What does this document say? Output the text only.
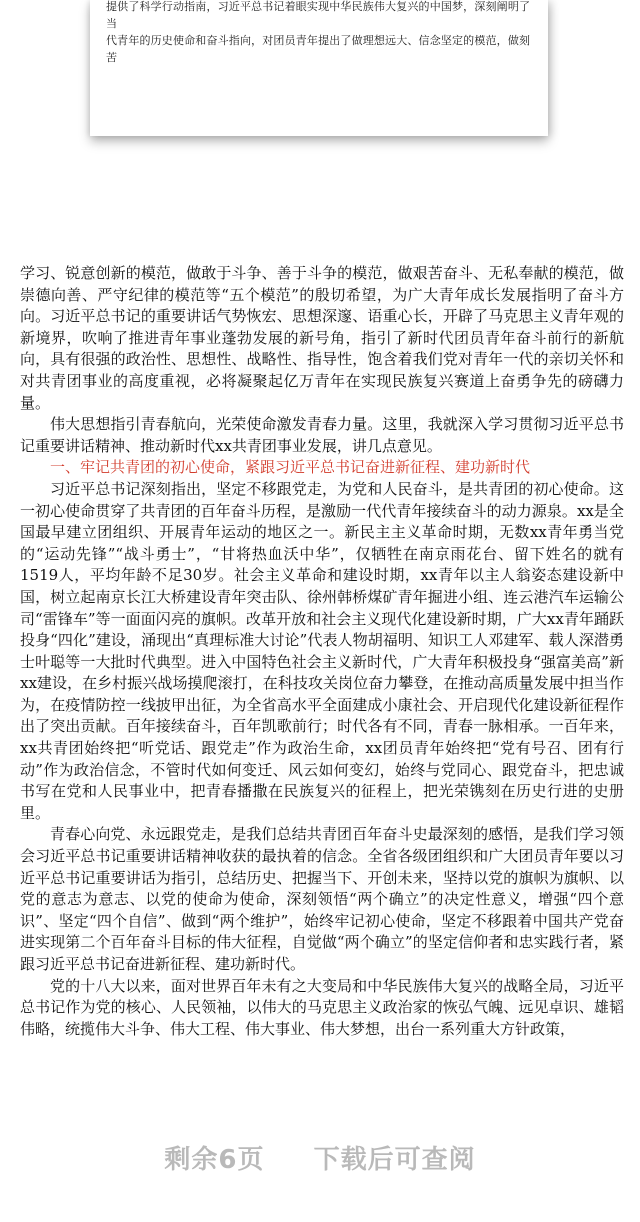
提供了科学行动指南，习近平总书记着眼实现中华民族伟大复兴的中国梦，深刻阐明了当

代青年的历史使命和奋斗指向，对团员青年提出了做理想远大、信念坚定的模范，做刻苦

学习、锐意创新的模范，做敢于斗争、善于斗争的模范，做艰苦奋斗、无私奉献的模范，做崇德向善、严守纪律的模范等“五个模范”的殷切希望，为广大青年成长发展指明了奋斗方向。习近平总书记的重要讲话气势恢宏、思想深邃、语重心长，开辟了马克思主义青年观的新境界，吹响了推进青年事业蓬勃发展的新号角，指引了新时代团员青年奋斗前行的新航向，具有很强的政治性、思想性、战略性、指导性，饱含着我们党对青年一代的亲切关怀和对共青团事业的高度重视，必将凝聚起亿万青年在实现民族复兴赛道上奋勇争先的磅礴力量。

伟大思想指引青春航向，光荣使命激发青春力量。这里，我就深入学习贯彻习近平总书记重要讲话精神、推动新时代xx共青团事业发展，讲几点意见。

一、牢记共青团的初心使命，紧跟习近平总书记奋进新征程、建功新时代

习近平总书记深刻指出，坚定不移跟党走，为党和人民奋斗，是共青团的初心使命。这一初心使命贯穿了共青团的百年奋斗历程，是激励一代代青年接续奋斗的动力源泉。xx是全国最早建立团组织、开展青年运动的地区之一。新民主主义革命时期，无数xx青年勇当党的“运动先锋”“战斗勇士”，“甘将热血沃中华”，仅牺牲在南京雨花台、留下姓名的就有1519人，平均年龄不足30岁。社会主义革命和建设时期，xx青年以主人翁姿态建设新中国，树立起南京长江大桥建设青年突击队、徐州韩桥煤矿青年掘进小组、连云港汽车运输公司“雷锋车”等一面面闪亮的旗帜。改革开放和社会主义现代化建设新时期，广大xx青年踊跃投身“四化”建设，涌现出“真理标准大讨论”代表人物胡福明、知识工人邓建军、载人深潜勇士叶聪等一大批时代典型。进入中国特色社会主义新时代，广大青年积极投身“强富美高”新xx建设，在乡村振兴战场摸爬滚打，在科技攻关岗位奋力攀登，在推动高质量发展中担当作为，在疫情防控一线披甲出征，为全省高水平全面建成小康社会、开启现代化建设新征程作出了突出贡献。百年接续奋斗，百年凯歌前行；时代各有不同，青春一脉相承。一百年来，xx共青团始终把“听党话、跟党走”作为政治生命，xx团员青年始终把“党有号召、团有行动”作为政治信念，不管时代如何变迁、风云如何变幻，始终与党同心、跟党奋斗，把忠诚书写在党和人民事业中，把青春播撒在民族复兴的征程上，把光荣镌刻在历史行进的史册里。

青春心向党、永远跟党走，是我们总结共青团百年奋斗史最深刻的感悟，是我们学习领会习近平总书记重要讲话精神收获的最执着的信念。全省各级团组织和广大团员青年要以习近平总书记重要讲话为指引，总结历史、把握当下、开创未来，坚持以党的旗帜为旗帜、以党的意志为意志、以党的使命为使命，深刻领悟“两个确立”的决定性意义，增强“四个意识”、坚定“四个自信”、做到“两个维护”，始终牢记初心使命，坚定不移跟着中国共产党奋进实现第二个百年奋斗目标的伟大征程，自觉做“两个确立”的坚定信仰者和忠实践行者，紧跟习近平总书记奋进新征程、建功新时代。

党的十八大以来，面对世界百年未有之大变局和中华民族伟大复兴的战略全局，习近平总书记作为党的核心、人民领袖，以伟大的马克思主义政治家的恢弘气魄、远见卓识、雄韬伟略，统揽伟大斗争、伟大工程、伟大事业、伟大梦想，出台一系列重大方针政策，

剩余6页 下载后可查阅
